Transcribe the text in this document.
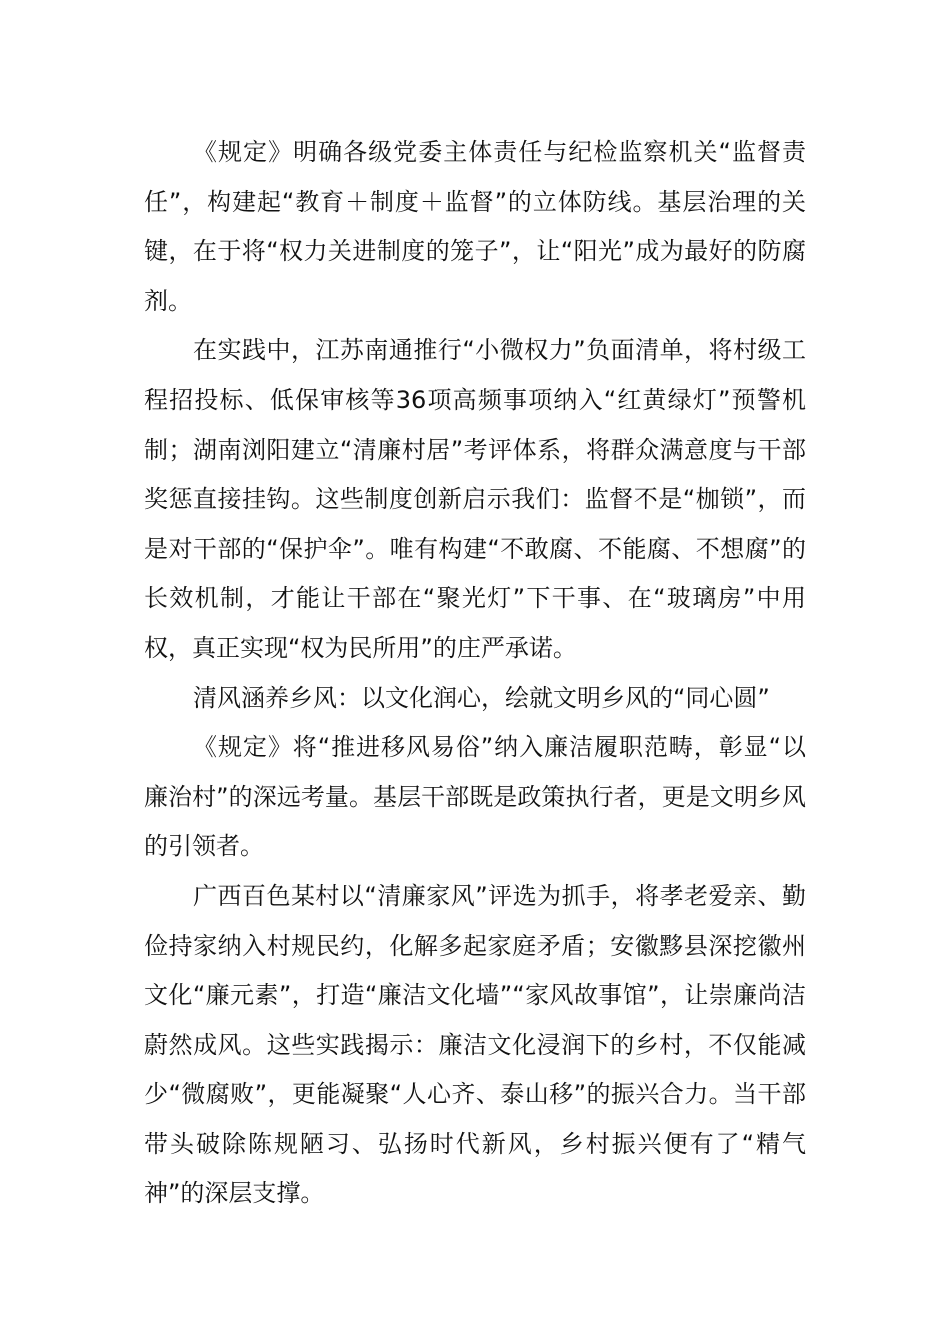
《规定》明确各级党委主体责任与纪检监察机关“监督责任”，构建起“教育＋制度＋监督”的立体防线。基层治理的关键，在于将“权力关进制度的笼子”，让“阳光”成为最好的防腐剂。

在实践中，江苏南通推行“小微权力”负面清单，将村级工程招投标、低保审核等36项高频事项纳入“红黄绿灯”预警机制；湖南浏阳建立“清廉村居”考评体系，将群众满意度与干部奖惩直接挂钩。这些制度创新启示我们：监督不是“枷锁”，而是对干部的“保护伞”。唯有构建“不敢腐、不能腐、不想腐”的长效机制，才能让干部在“聚光灯”下干事、在“玻璃房”中用权，真正实现“权为民所用”的庄严承诺。

清风涵养乡风：以文化润心，绘就文明乡风的“同心圆”

《规定》将“推进移风易俗”纳入廉洁履职范畴，彰显“以廉治村”的深远考量。基层干部既是政策执行者，更是文明乡风的引领者。

广西百色某村以“清廉家风”评选为抓手，将孝老爱亲、勤俭持家纳入村规民约，化解多起家庭矛盾；安徽黟县深挖徽州文化“廉元素”，打造“廉洁文化墙”“家风故事馆”，让崇廉尚洁蔚然成风。这些实践揭示：廉洁文化浸润下的乡村，不仅能减少“微腐败”，更能凝聚“人心齐、泰山移”的振兴合力。当干部带头破除陈规陋习、弘扬时代新风，乡村振兴便有了“精气神”的深层支撑。
